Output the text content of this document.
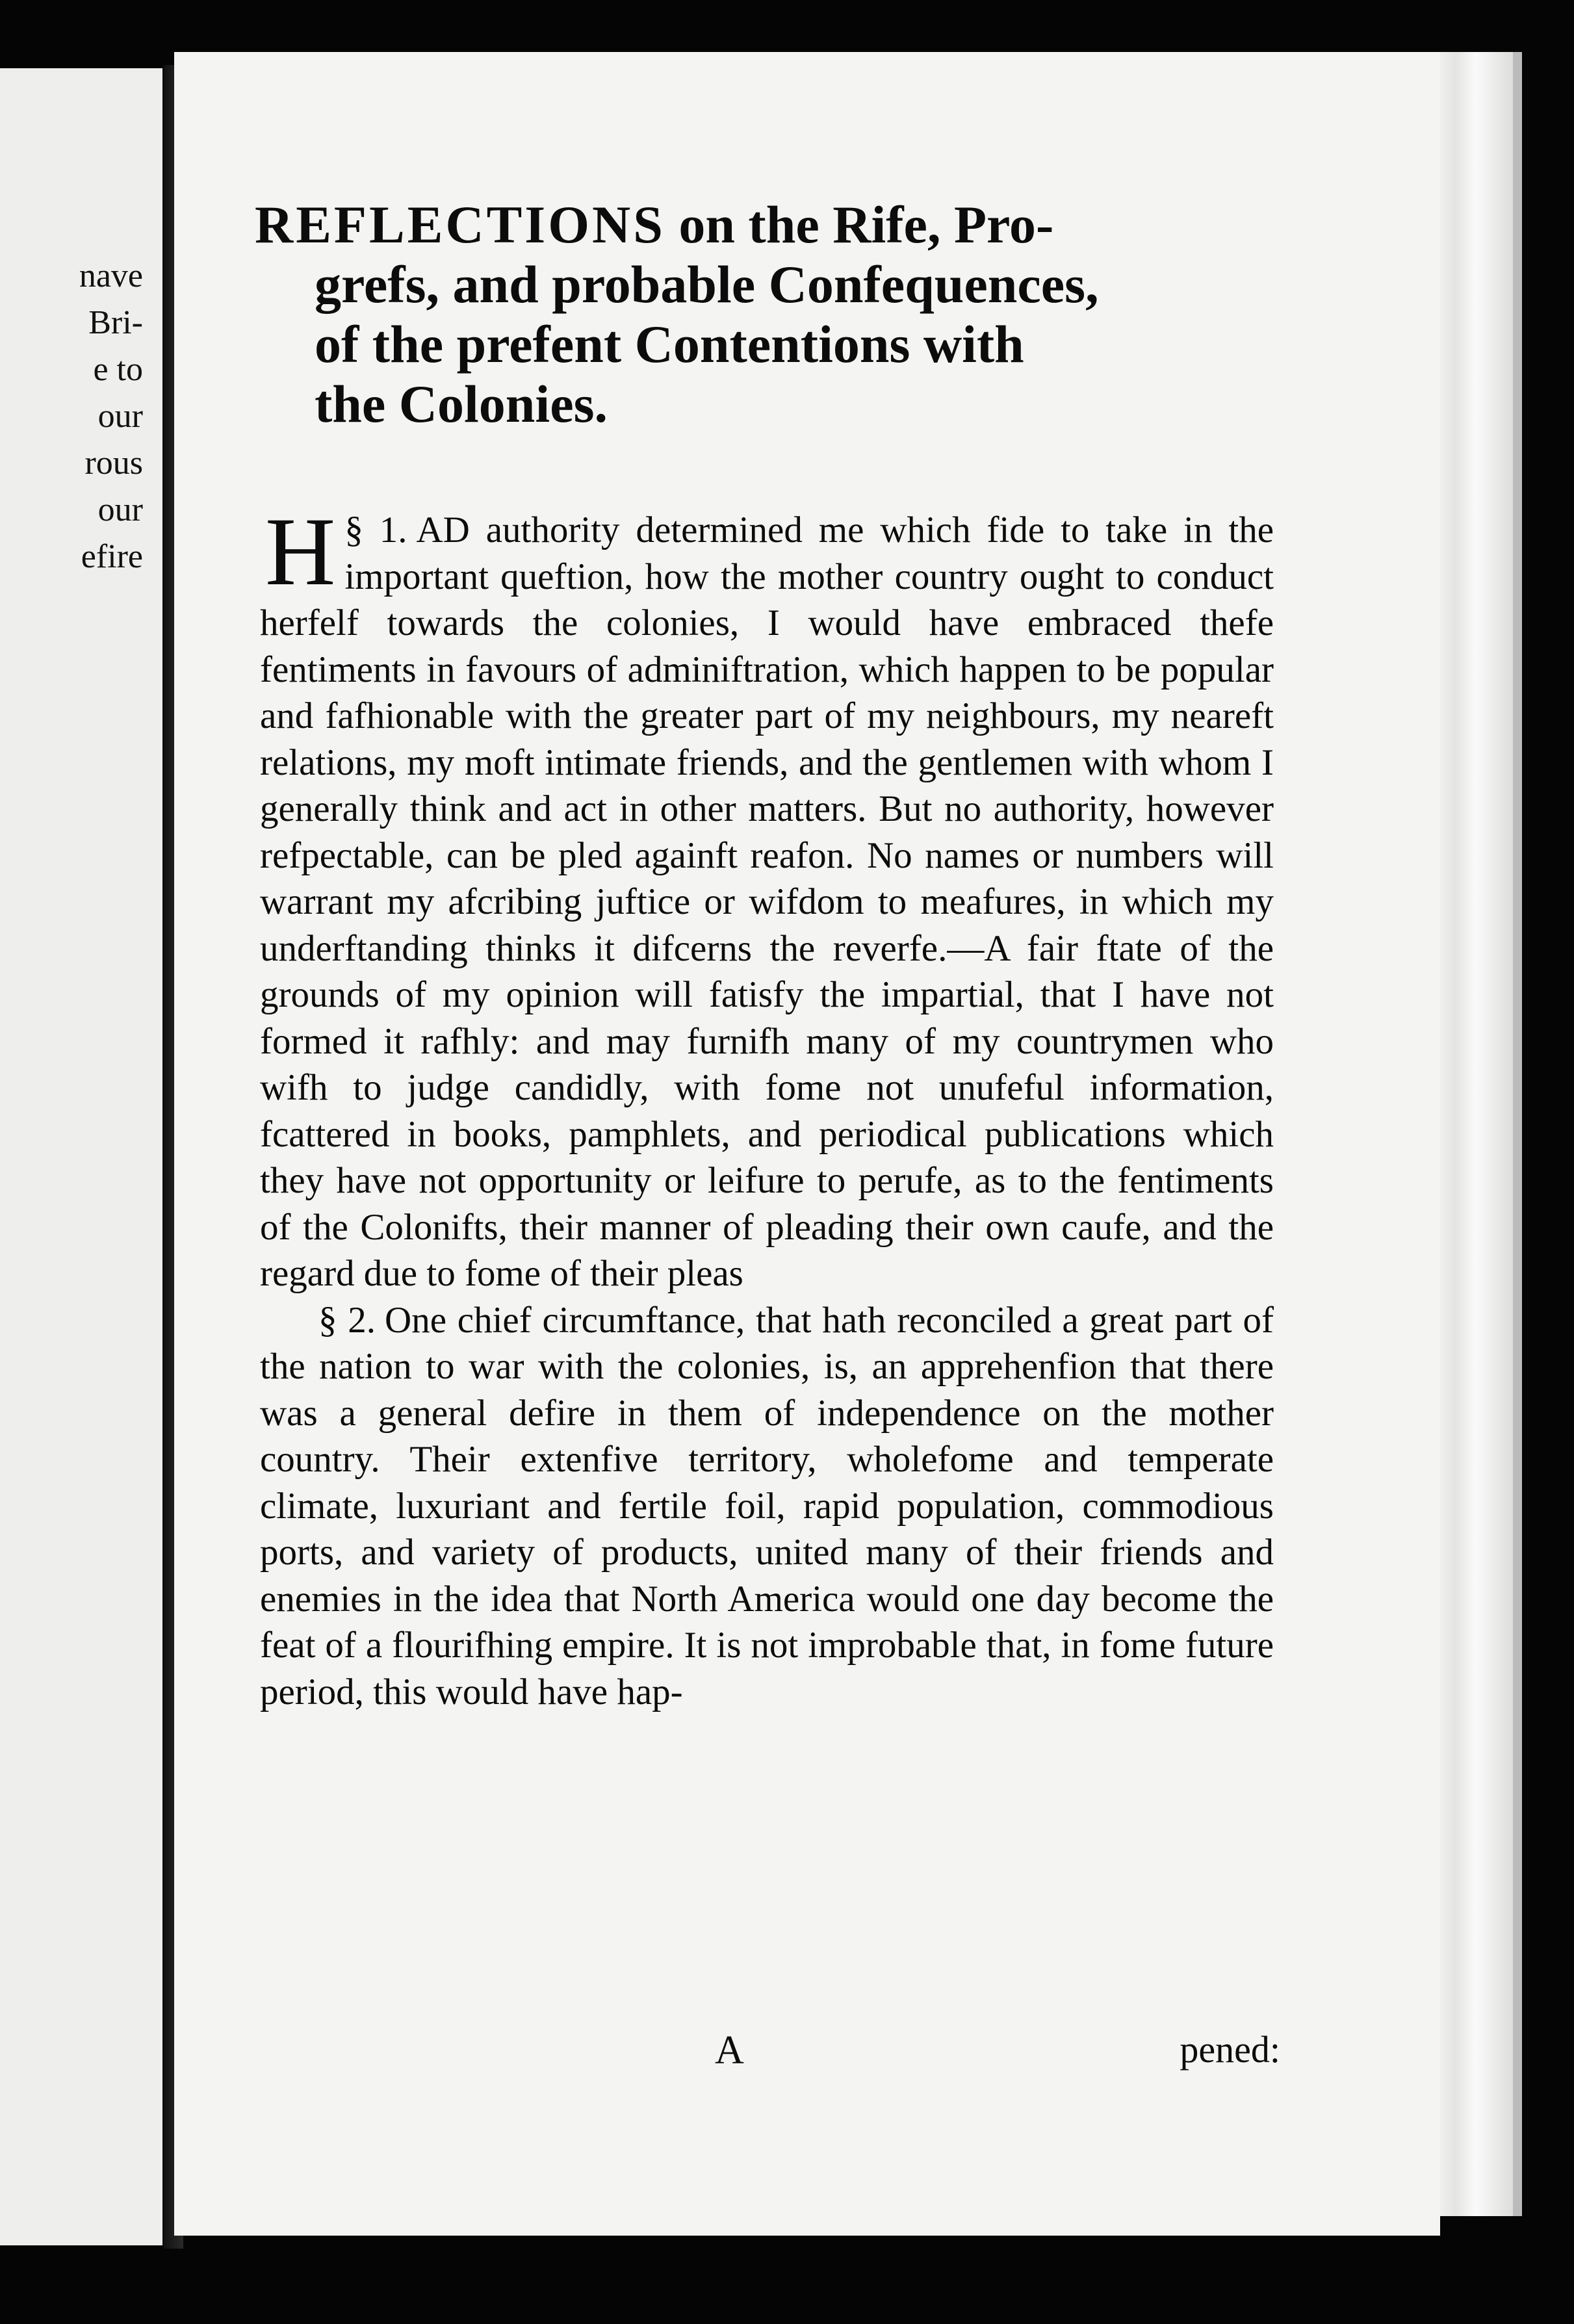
nave
Bri-
e to
our
rous
our
efire
REFLECTIONS on the Rife, Pro-
grefs, and probable Confequences,
of the prefent Contentions with
the Colonies.

§ 1.
H AD authority determined me which fide to take in the important queftion, how the mother country ought to conduct herfelf towards the colonies, I would have embraced thefe fentiments in favours of adminiftration, which happen to be popular and fafhionable with the greater part of my neighbours, my neareft relations, my moft intimate friends, and the gentlemen with whom I generally think and act in other matters. But no authority, however refpectable, can be pled againft reafon. No names or numbers will warrant my afcribing juftice or wifdom to meafures, in which my underftanding thinks it difcerns the reverfe.—A fair ftate of the grounds of my opinion will fatisfy the impartial, that I have not formed it rafhly: and may furnifh many of my countrymen who wifh to judge candidly, with fome not unufeful information, fcattered in books, pamphlets, and periodical publications which they have not opportunity or leifure to perufe, as to the fentiments of the Colonifts, their manner of pleading their own caufe, and the regard due to fome of their pleas

§ 2. One chief circumftance, that hath reconciled a great part of the nation to war with the colonies, is, an apprehenfion that there was a general defire in them of independence on the mother country. Their extenfive territory, wholefome and temperate climate, luxuriant and fertile foil, rapid population, commodious ports, and variety of products, united many of their friends and enemies in the idea that North America would one day become the feat of a flourifhing empire. It is not improbable that, in fome future period, this would have hap-

A	pened:
